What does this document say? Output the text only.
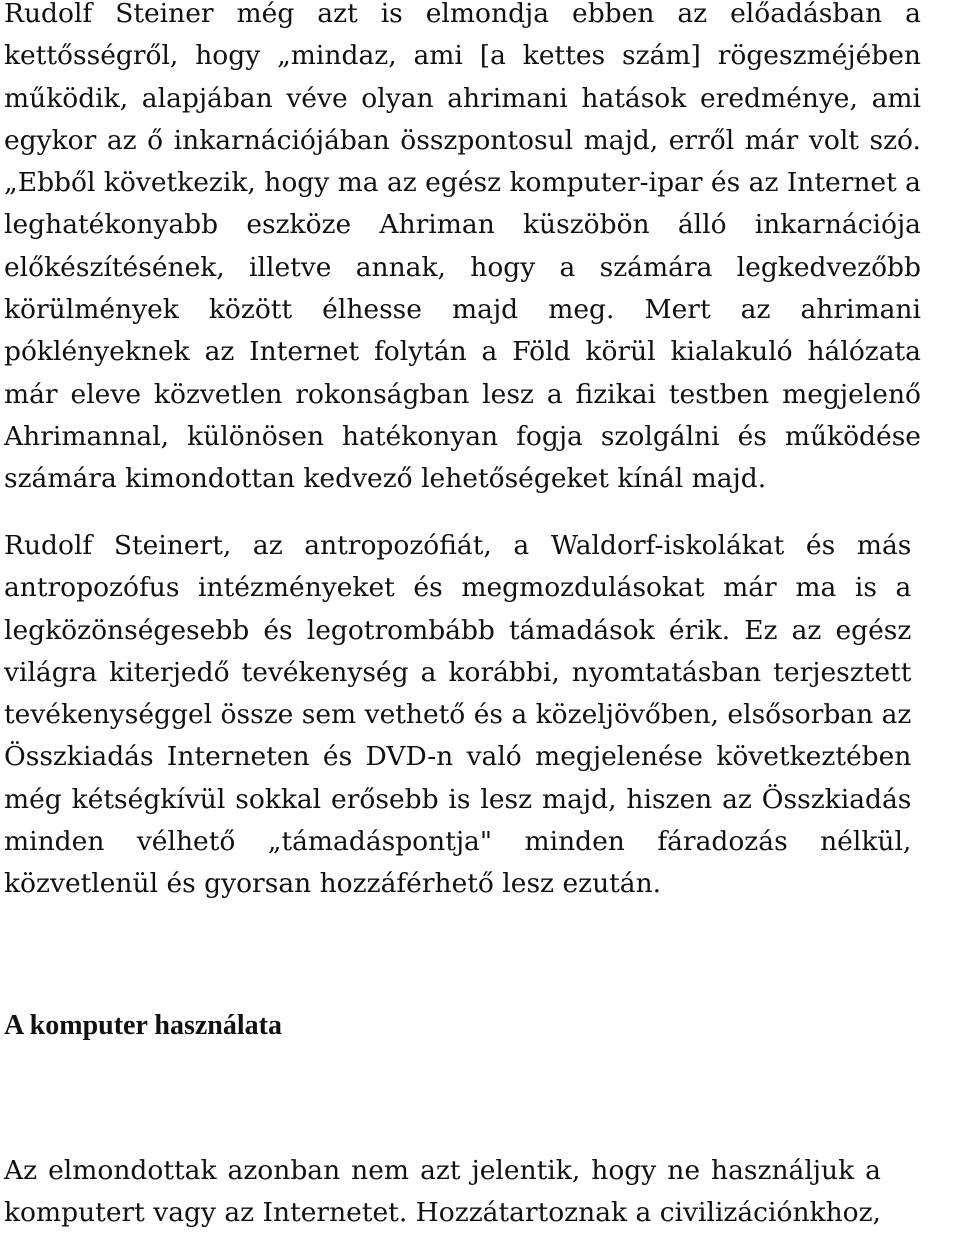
Rudolf Steiner még azt is elmondja ebben az előadásban a
kettősségről, hogy „mindaz, ami [a kettes szám] rögeszméjében
működik, alapjában véve olyan ahrimani hatások eredménye, ami
egykor az ő inkarnációjában összpontosul majd, erről már volt szó.
„Ebből következik, hogy ma az egész komputer-ipar és az Internet a
leghatékonyabb eszköze Ahriman küszöbön álló inkarnációja
előkészítésének, illetve annak, hogy a számára legkedvezőbb
körülmények között élhesse majd meg. Mert az ahrimani
póklényeknek az Internet folytán a Föld körül kialakuló hálózata
már eleve közvetlen rokonságban lesz a fizikai testben megjelenő
Ahrimannal, különösen hatékonyan fogja szolgálni és működése
számára kimondottan kedvező lehetőségeket kínál majd.

Rudolf Steinert, az antropozófiát, a Waldorf-iskolákat és más
antropozófus intézményeket és megmozdulásokat már ma is a
legközönségesebb és legotrombább támadások érik. Ez az egész
világra kiterjedő tevékenység a korábbi, nyomtatásban terjesztett
tevékenységgel össze sem vethető és a közeljövőben, elsősorban az
Összkiadás Interneten és DVD-n való megjelenése következtében
még kétségkívül sokkal erősebb is lesz majd, hiszen az Összkiadás
minden vélhető „támadáspontja" minden fáradozás nélkül,
közvetlenül és gyorsan hozzáférhető lesz ezután.

A komputer használata

Az elmondottak azonban nem azt jelentik, hogy ne használjuk a
komputert vagy az Internetet. Hozzátartoznak a civilizációnkhoz,
